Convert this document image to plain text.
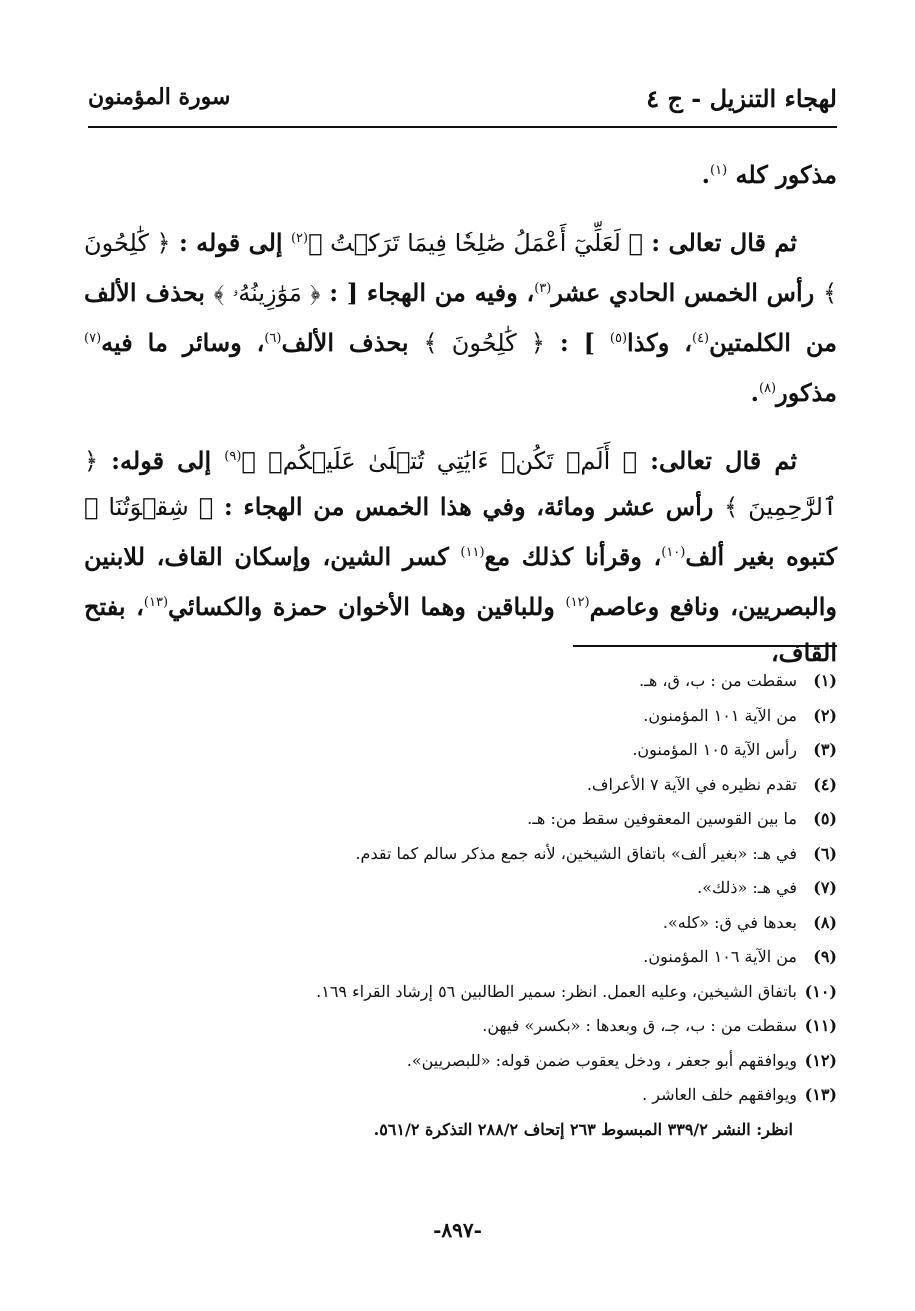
لهجاء التنزيل - ج ٤
سورة المؤمنون

مذكور كله $^{(١)}$.

ثم قال تعالى : ﴿ لَعَلِّيٓ أَعْمَلُ صَٰلِحٗا فِيمَا تَرَكۡتُ ﴾$^{(٢)}$ إلى قوله : ﴿ كَٰلِحُونَ ﴾ رأس الخمس الحادي عشر$^{(٣)}$، وفيه من الهجاء [ : ﴿ مَوَٰزِينُهُۥ ﴾ بحذف الألف من الكلمتين$^{(٤)}$، وكذا$^{(٥)}$ ] : ﴿ كَٰلِحُونَ ﴾ بحذف الألف$^{(٦)}$، وسائر ما فيه$^{(٧)}$ مذكور$^{(٨)}$.

ثم قال تعالى: ﴿ أَلَمۡ تَكُنۡ ءَايَٰتِي تُتۡلَىٰ عَلَيۡكُمۡ ﴾$^{(٩)}$ إلى قوله: ﴿ ٱلرَّٰحِمِينَ ﴾ رأس عشر ومائة، وفي هذا الخمس من الهجاء : ﴿ شِقۡوَتُنَا ﴾ كتبوه بغير ألف$^{(١٠)}$، وقرأنا كذلك مع$^{(١١)}$ كسر الشين، وإسكان القاف، للابنين والبصريين، ونافع وعاصم$^{(١٢)}$ وللباقين وهما الأخوان حمزة والكسائي$^{(١٣)}$، بفتح القاف،

(١)سقطت من : ب، ق، هـ.
(٢)من الآية ١٠١ المؤمنون.
(٣)رأس الآية ١٠٥ المؤمنون.
(٤)تقدم نظيره في الآية ٧ الأعراف.
(٥)ما بين القوسين المعقوفين سقط من: هـ.
(٦)في هـ: «بغير ألف» باتفاق الشيخين، لأنه جمع مذكر سالم كما تقدم.
(٧)في هـ: «ذلك».
(٨)بعدها في ق: «كله».
(٩)من الآية ١٠٦ المؤمنون.
(١٠)باتفاق الشيخين، وعليه العمل. انظر: سمير الطالبين ٥٦ إرشاد القراء ١٦٩.
(١١)سقطت من : ب، جـ، ق وبعدها : «بكسر» فيهن.
(١٢)ويوافقهم أبو جعفر ، ودخل يعقوب ضمن قوله: «للبصريين».
(١٣)ويوافقهم خلف العاشر .
انظر: النشر ٣٣٩/٢ المبسوط ٢٦٣ إتحاف ٢٨٨/٢ التذكرة ٥٦١/٢.
-٨٩٧-
